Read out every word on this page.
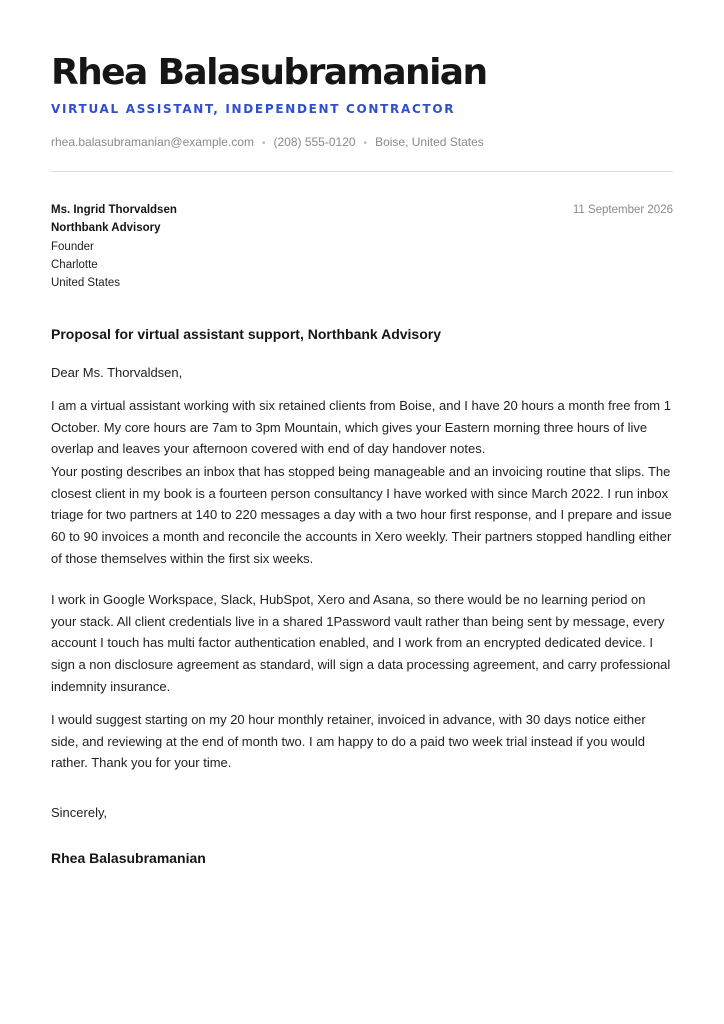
Rhea Balasubramanian
VIRTUAL ASSISTANT, INDEPENDENT CONTRACTOR
rhea.balasubramanian@example.com • (208) 555-0120 • Boise, United States
Ms. Ingrid Thorvaldsen
Northbank Advisory
Founder
Charlotte
United States
11 September 2026
Proposal for virtual assistant support, Northbank Advisory
Dear Ms. Thorvaldsen,

I am a virtual assistant working with six retained clients from Boise, and I have 20 hours a month free from 1 October. My core hours are 7am to 3pm Mountain, which gives your Eastern morning three hours of live overlap and leaves your afternoon covered with end of day handover notes.

Your posting describes an inbox that has stopped being manageable and an invoicing routine that slips. The closest client in my book is a fourteen person consultancy I have worked with since March 2022. I run inbox triage for two partners at 140 to 220 messages a day with a two hour first response, and I prepare and issue 60 to 90 invoices a month and reconcile the accounts in Xero weekly. Their partners stopped handling either of those themselves within the first six weeks.

I work in Google Workspace, Slack, HubSpot, Xero and Asana, so there would be no learning period on your stack. All client credentials live in a shared 1Password vault rather than being sent by message, every account I touch has multi factor authentication enabled, and I work from an encrypted dedicated device. I sign a non disclosure agreement as standard, will sign a data processing agreement, and carry professional indemnity insurance.

I would suggest starting on my 20 hour monthly retainer, invoiced in advance, with 30 days notice either side, and reviewing at the end of month two. I am happy to do a paid two week trial instead if you would rather. Thank you for your time.

Sincerely,
Rhea Balasubramanian
